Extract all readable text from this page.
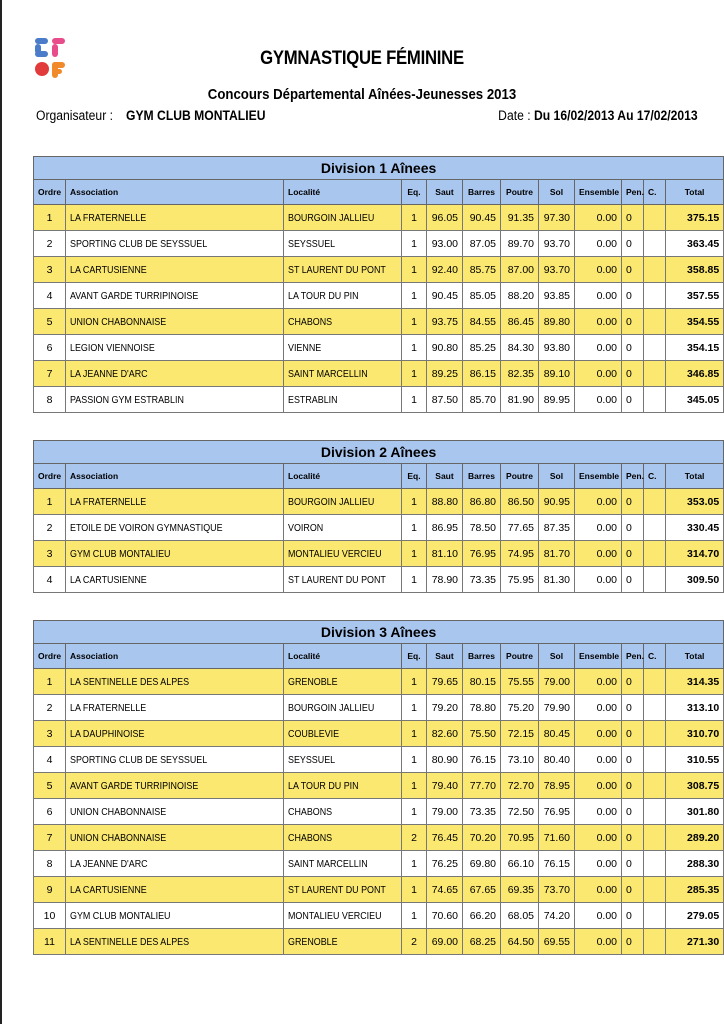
GYMNASTIQUE FÉMININE
Concours Départemental Aînées-Jeunesses 2013
Organisateur : GYM CLUB MONTALIEU	Date : Du 16/02/2013 Au 17/02/2013
Division 1 Aînees											
Ordre	Association	Localité	Eq.	Saut	Barres	Poutre	Sol	Ensemble	Pen.	C.	Total
1	LA FRATERNELLE	BOURGOIN JALLIEU	1	96.05	90.45	91.35	97.30	0.00	0		375.15
2	SPORTING CLUB DE SEYSSUEL	SEYSSUEL	1	93.00	87.05	89.70	93.70	0.00	0		363.45
3	LA CARTUSIENNE	ST LAURENT DU PONT	1	92.40	85.75	87.00	93.70	0.00	0		358.85
4	AVANT GARDE TURRIPINOISE	LA TOUR DU PIN	1	90.45	85.05	88.20	93.85	0.00	0		357.55
5	UNION CHABONNAISE	CHABONS	1	93.75	84.55	86.45	89.80	0.00	0		354.55
6	LEGION VIENNOISE	VIENNE	1	90.80	85.25	84.30	93.80	0.00	0		354.15
7	LA JEANNE D'ARC	SAINT MARCELLIN	1	89.25	86.15	82.35	89.10	0.00	0		346.85
8	PASSION GYM ESTRABLIN	ESTRABLIN	1	87.50	85.70	81.90	89.95	0.00	0		345.05
Division 2 Aînees											
Ordre	Association	Localité	Eq.	Saut	Barres	Poutre	Sol	Ensemble	Pen.	C.	Total
1	LA FRATERNELLE	BOURGOIN JALLIEU	1	88.80	86.80	86.50	90.95	0.00	0		353.05
2	ETOILE DE VOIRON GYMNASTIQUE	VOIRON	1	86.95	78.50	77.65	87.35	0.00	0		330.45
3	GYM CLUB MONTALIEU	MONTALIEU VERCIEU	1	81.10	76.95	74.95	81.70	0.00	0		314.70
4	LA CARTUSIENNE	ST LAURENT DU PONT	1	78.90	73.35	75.95	81.30	0.00	0		309.50
Division 3 Aînees											
Ordre	Association	Localité	Eq.	Saut	Barres	Poutre	Sol	Ensemble	Pen.	C.	Total
1	LA SENTINELLE DES ALPES	GRENOBLE	1	79.65	80.15	75.55	79.00	0.00	0		314.35
2	LA FRATERNELLE	BOURGOIN JALLIEU	1	79.20	78.80	75.20	79.90	0.00	0		313.10
3	LA DAUPHINOISE	COUBLEVIE	1	82.60	75.50	72.15	80.45	0.00	0		310.70
4	SPORTING CLUB DE SEYSSUEL	SEYSSUEL	1	80.90	76.15	73.10	80.40	0.00	0		310.55
5	AVANT GARDE TURRIPINOISE	LA TOUR DU PIN	1	79.40	77.70	72.70	78.95	0.00	0		308.75
6	UNION CHABONNAISE	CHABONS	1	79.00	73.35	72.50	76.95	0.00	0		301.80
7	UNION CHABONNAISE	CHABONS	2	76.45	70.20	70.95	71.60	0.00	0		289.20
8	LA JEANNE D'ARC	SAINT MARCELLIN	1	76.25	69.80	66.10	76.15	0.00	0		288.30
9	LA CARTUSIENNE	ST LAURENT DU PONT	1	74.65	67.65	69.35	73.70	0.00	0		285.35
10	GYM CLUB MONTALIEU	MONTALIEU VERCIEU	1	70.60	66.20	68.05	74.20	0.00	0		279.05
11	LA SENTINELLE DES ALPES	GRENOBLE	2	69.00	68.25	64.50	69.55	0.00	0		271.30
